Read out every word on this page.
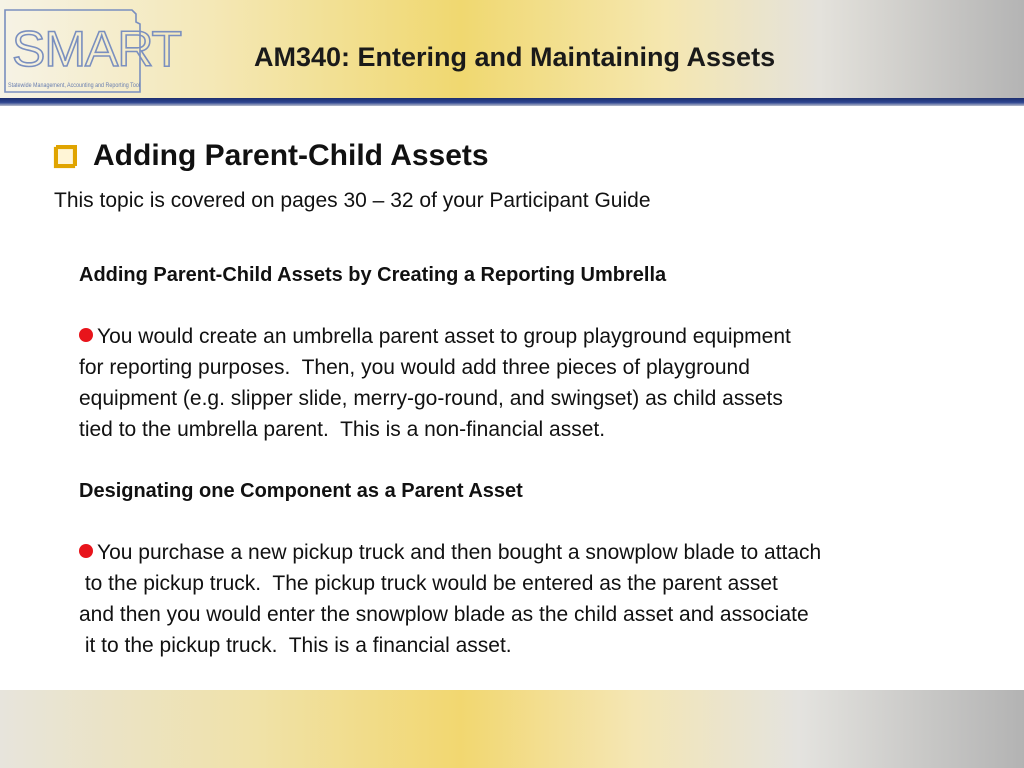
SMART
Statewide Management, Accounting and Reporting Tool
AM340: Entering and Maintaining Assets
Adding Parent-Child Assets

This topic is covered on pages 30 – 32 of your Participant Guide

Adding Parent-Child Assets by Creating a Reporting Umbrella

You would create an umbrella parent asset to group playground equipment
for reporting purposes.  Then, you would add three pieces of playground
equipment (e.g. slipper slide, merry-go-round, and swingset) as child assets
tied to the umbrella parent.  This is a non-financial asset.

Designating one Component as a Parent Asset

You purchase a new pickup truck and then bought a snowplow blade to attach
to the pickup truck.  The pickup truck would be entered as the parent asset
and then you would enter the snowplow blade as the child asset and associate
it to the pickup truck.  This is a financial asset.
